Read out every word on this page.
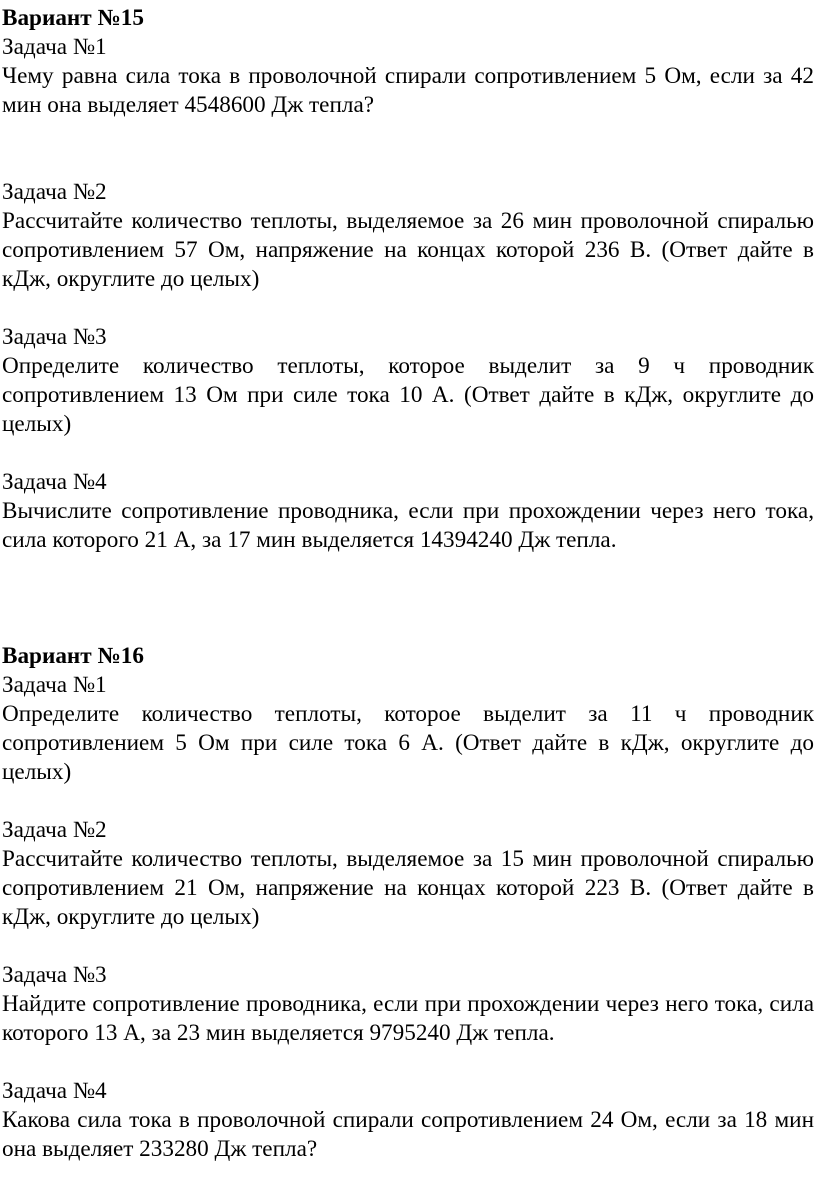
Вариант №15
Задача №1
Чему равна сила тока в проволочной спирали сопротивлением 5 Ом, если за 42 мин она выделяет 4548600 Дж тепла?
Задача №2
Рассчитайте количество теплоты, выделяемое за 26 мин проволочной спиралью сопротивлением 57 Ом, напряжение на концах которой 236 В. (Ответ дайте в кДж, округлите до целых)
Задача №3
Определите количество теплоты, которое выделит за 9 ч проводник сопротивлением 13 Ом при силе тока 10 А. (Ответ дайте в кДж, округлите до целых)
Задача №4
Вычислите сопротивление проводника, если при прохождении через него тока, сила которого 21 А, за 17 мин выделяется 14394240 Дж тепла.
Вариант №16
Задача №1
Определите количество теплоты, которое выделит за 11 ч проводник сопротивлением 5 Ом при силе тока 6 А. (Ответ дайте в кДж, округлите до целых)
Задача №2
Рассчитайте количество теплоты, выделяемое за 15 мин проволочной спиралью сопротивлением 21 Ом, напряжение на концах которой 223 В. (Ответ дайте в кДж, округлите до целых)
Задача №3
Найдите сопротивление проводника, если при прохождении через него тока, сила которого 13 А, за 23 мин выделяется 9795240 Дж тепла.
Задача №4
Какова сила тока в проволочной спирали сопротивлением 24 Ом, если за 18 мин она выделяет 233280 Дж тепла?
